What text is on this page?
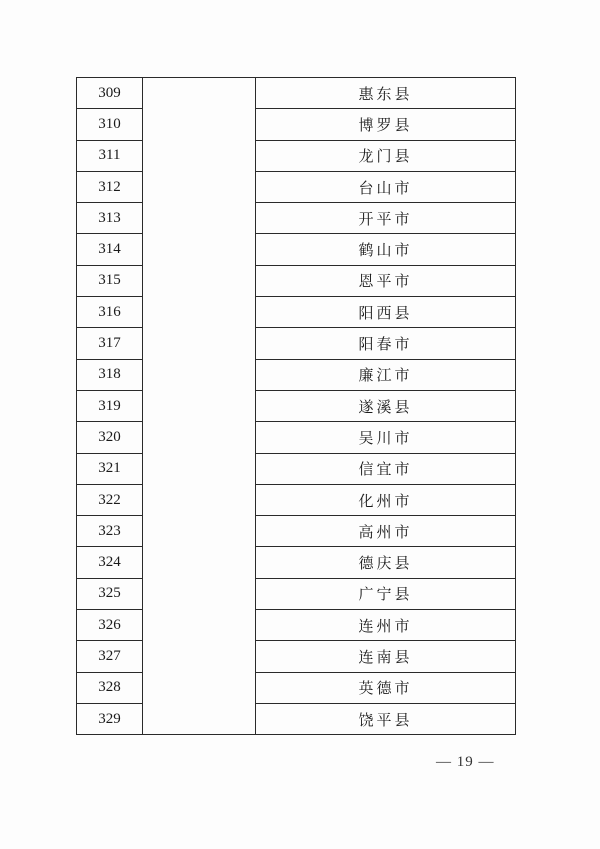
309		惠东县
310		博罗县
311		龙门县
312		台山市
313		开平市
314		鹤山市
315		恩平市
316		阳西县
317		阳春市
318		廉江市
319		遂溪县
320		吴川市
321		信宜市
322		化州市
323		高州市
324		德庆县
325		广宁县
326		连州市
327		连南县
328		英德市
329		饶平县
— 19 —
